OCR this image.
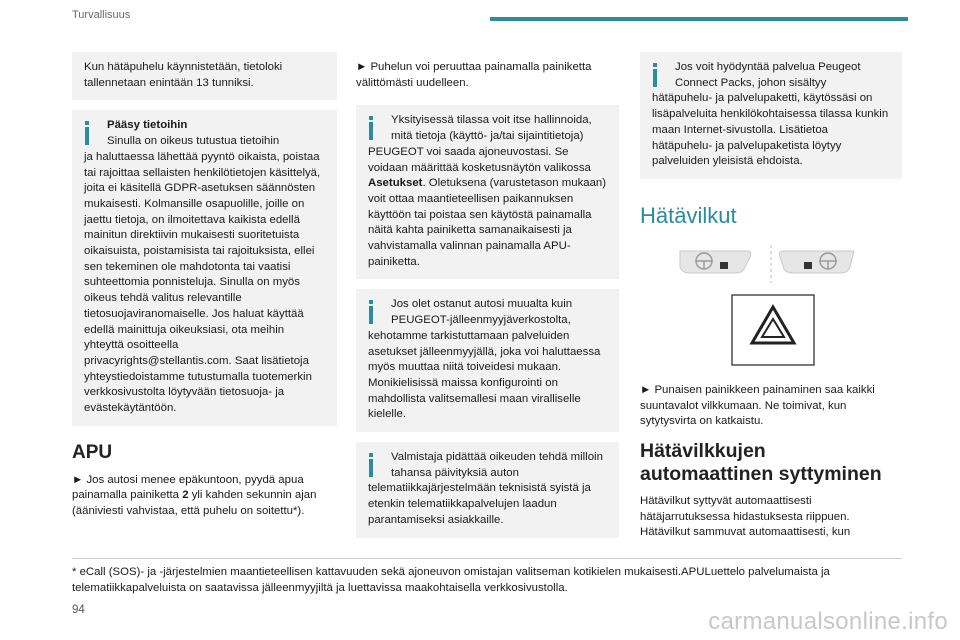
Turvallisuus
Kun hätäpuhelu käynnistetään, tietoloki tallennetaan enintään 13 tunniksi.
Pääsy tietoihin
Sinulla on oikeus tutustua tietoihin
ja haluttaessa lähettää pyyntö oikaista, poistaa tai rajoittaa sellaisten henkilötietojen käsittelyä, joita ei käsitellä GDPR-asetuksen säännösten mukaisesti. Kolmansille osapuolille, joille on jaettu tietoja, on ilmoitettava kaikista edellä mainitun direktiivin mukaisesti suoritetuista oikaisuista, poistamisista tai rajoituksista, ellei sen tekeminen ole mahdotonta tai vaatisi suhteettomia ponnisteluja. Sinulla on myös oikeus tehdä valitus relevantille tietosuojaviranomaiselle. Jos haluat käyttää edellä mainittuja oikeuksiasi, ota meihin yhteyttä osoitteella privacyrights@stellantis.com. Saat lisätietoja yhteystiedoistamme tutustumalla tuotemerkin verkkosivustolta löytyvään tietosuoja- ja evästekäytäntöön.
APU
► Jos autosi menee epäkuntoon, pyydä apua painamalla painiketta 2 yli kahden sekunnin ajan (ääniviesti vahvistaa, että puhelu on soitettu*).
► Puhelun voi peruuttaa painamalla painiketta välittömästi uudelleen.
Yksityisessä tilassa voit itse hallinnoida, mitä tietoja (käyttö- ja/tai sijaintitietoja)
PEUGEOT voi saada ajoneuvostasi. Se voidaan määrittää kosketusnäytön valikossa Asetukset. Oletuksena (varustetason mukaan) voit ottaa maantieteellisen paikannuksen käyttöön tai poistaa sen käytöstä painamalla näitä kahta painiketta samanaikaisesti ja vahvistamalla valinnan painamalla APU-painiketta.
Jos olet ostanut autosi muualta kuin PEUGEOT-jälleenmyyjäverkostolta,
kehotamme tarkistuttamaan palveluiden asetukset jälleenmyyjällä, joka voi haluttaessa myös muuttaa niitä toiveidesi mukaan. Monikielisissä maissa konfigurointi on mahdollista valitsemallesi maan viralliselle kielelle.
Valmistaja pidättää oikeuden tehdä milloin tahansa päivityksiä auton
telematiikkajärjestelmään teknisistä syistä ja etenkin telematiikkapalvelujen laadun parantamiseksi asiakkaille.
Jos voit hyödyntää palvelua Peugeot Connect Packs, johon sisältyy
hätäpuhelu- ja palvelupaketti, käytössäsi on lisäpalveluita henkilökohtaisessa tilassa kunkin maan Internet-sivustolla. Lisätietoa hätäpuhelu- ja palvelupaketista löytyy palveluiden yleisistä ehdoista.
Hätävilkut
► Punaisen painikkeen painaminen saa kaikki suuntavalot vilkkumaan. Ne toimivat, kun sytytysvirta on katkaistu.
Hätävilkkujen automaattinen syttyminen
Hätävilkut syttyvät automaattisesti hätäjarrutuksessa hidastuksesta riippuen. Hätävilkut sammuvat automaattisesti, kun
* eCall (SOS)- ja -järjestelmien maantieteellisen kattavuuden sekä ajoneuvon omistajan valitseman kotikielen mukaisesti.APULuettelo palvelumaista ja telematiikkapalveluista on saatavissa jälleenmyyjiltä ja luettavissa maakohtaisella verkkosivustolla.
94	carmanualsonline.info
